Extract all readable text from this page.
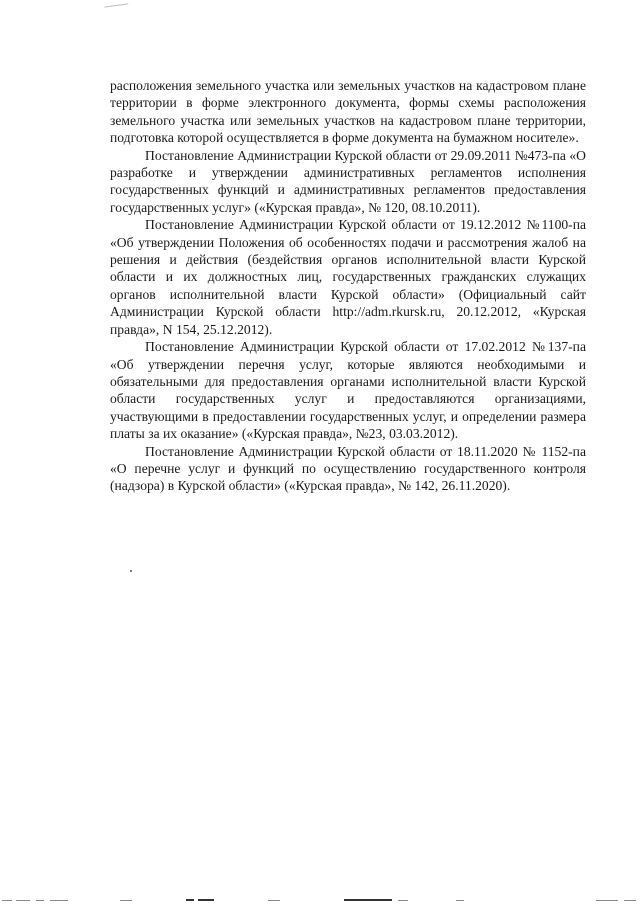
расположения земельного участка или земельных участков на кадастровом плане территории в форме электронного документа, формы схемы расположения земельного участка или земельных участков на кадастровом плане территории, подготовка которой осуществляется в форме документа на бумажном носителе».

Постановление Администрации Курской области от 29.09.2011 №473-па «О разработке и утверждении административных регламентов исполнения государственных функций и административных регламентов предоставления государственных услуг» («Курская правда», № 120, 08.10.2011).

Постановление Администрации Курской области от 19.12.2012 №1100-па «Об утверждении Положения об особенностях подачи и рассмотрения жалоб на решения и действия (бездействия органов исполнительной власти Курской области и их должностных лиц, государственных гражданских служащих органов исполнительной власти Курской области» (Официальный сайт Администрации Курской области http://adm.rkursk.ru, 20.12.2012, «Курская правда», N 154, 25.12.2012).

Постановление Администрации Курской области от 17.02.2012 №137-па «Об утверждении перечня услуг, которые являются необходимыми и обязательными для предоставления органами исполнительной власти Курской области государственных услуг и предоставляются организациями, участвующими в предоставлении государственных услуг, и определении размера платы за их оказание» («Курская правда», №23, 03.03.2012).

Постановление Администрации Курской области от 18.11.2020 № 1152-па «О перечне услуг и функций по осуществлению государственного контроля (надзора) в Курской области» («Курская правда», № 142, 26.11.2020).
